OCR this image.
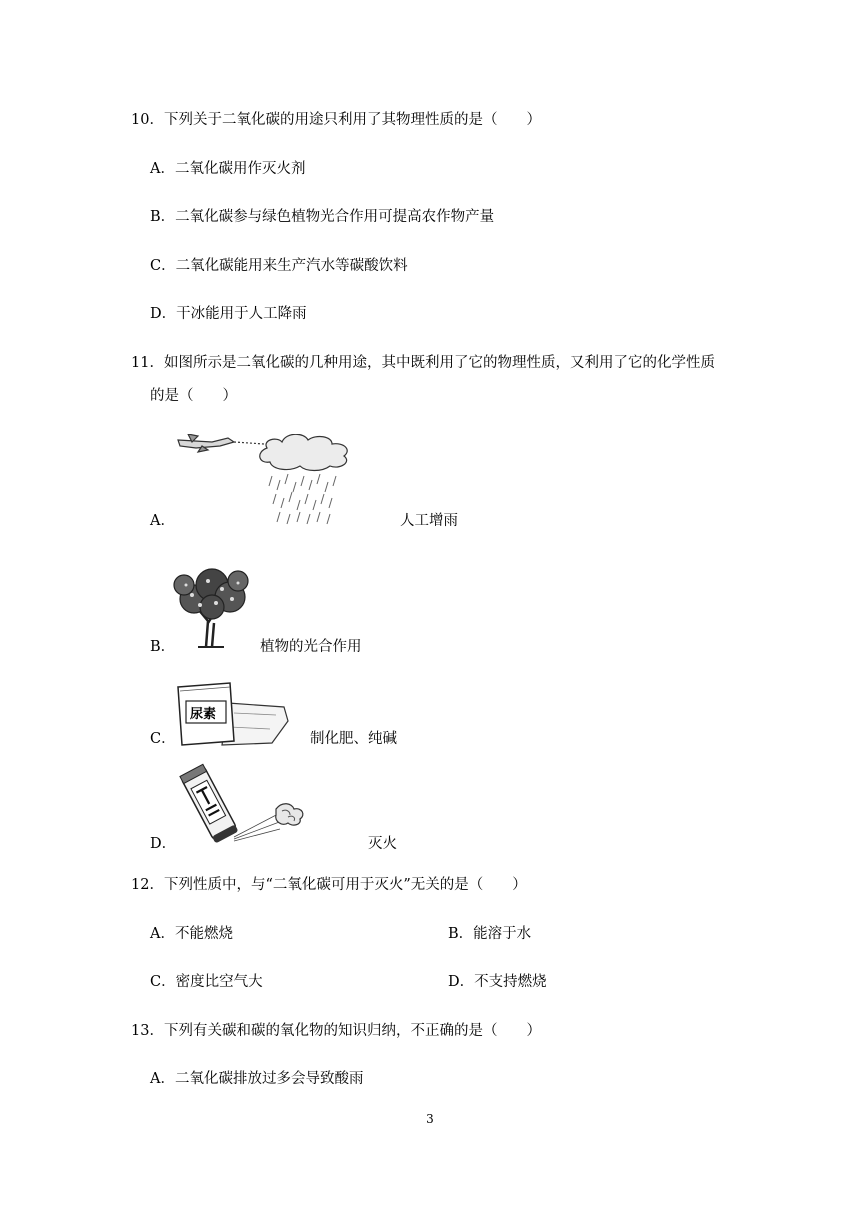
10．下列关于二氧化碳的用途只利用了其物理性质的是（　　）
A．二氧化碳用作灭火剂
B．二氧化碳参与绿色植物光合作用可提高农作物产量
C．二氧化碳能用来生产汽水等碳酸饮料
D．干冰能用于人工降雨
11．如图所示是二氧化碳的几种用途，其中既利用了它的物理性质，又利用了它的化学性质
的是（　　）
A．	人工增雨
B．	植物的光合作用
尿素
C．	制化肥、纯碱
D．	灭火
12．下列性质中，与“二氧化碳可用于灭火”无关的是（　　）
A．不能燃烧	B．能溶于水
C．密度比空气大	D．不支持燃烧
13．下列有关碳和碳的氧化物的知识归纳，不正确的是（　　）
A．二氧化碳排放过多会导致酸雨
3
